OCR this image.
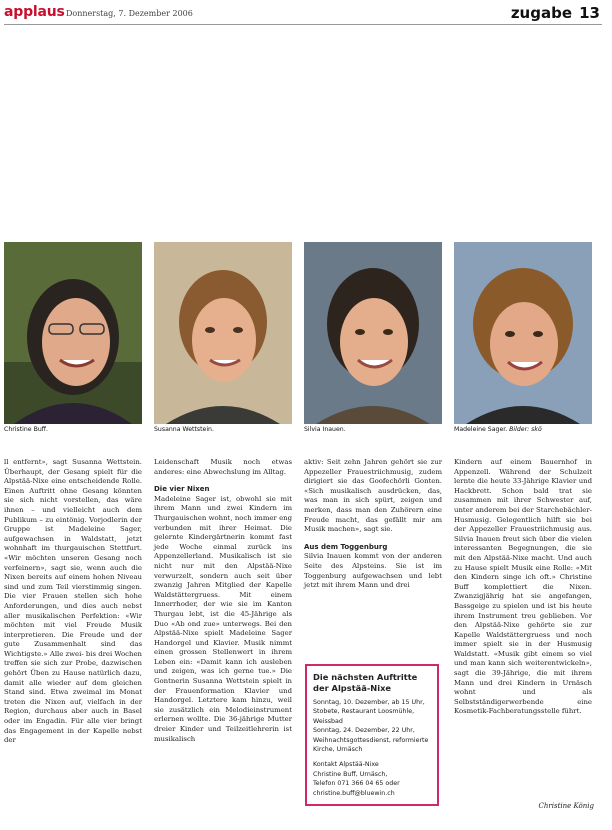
applaus Donnerstag, 7. Dezember 2006	zugabe 13
Christine Buff.	Susanna Wettstein.	Silvia Inauen.	Madeleine Sager. Bilder: skö

ll entfernt», sagt Susanna Wettstein. Überhaupt, der Gesang spielt für die Alpstää-Nixe eine entscheidende Rolle. Einen Auftritt ohne Gesang könnten sie sich nicht vorstellen, das wäre ihnen – und vielleicht auch dem Publikum – zu eintönig. Vorjodlerin der Gruppe ist Madeleine Sager, aufgewachsen in Waldstatt, jetzt wohnhaft im thurgauischen Stettfurt. «Wir möchten unseren Gesang noch verfeinern», sagt sie, wenn auch die Nixen bereits auf einem hohen Niveau sind und zum Teil vierstimmig singen. Die vier Frauen stellen sich hohe Anforderungen, und dies auch nebst aller musikalischen Perfektion: «Wir möchten mit viel Freude Musik interpretieren. Die Freude und der gute Zusammenhalt sind das Wichtigste.» Alle zwei- bis drei Wochen treffen sie sich zur Probe, dazwischen gehört Üben zu Hause natürlich dazu, damit alle wieder auf dem gleichen Stand sind. Etwa zweimal im Monat treten die Nixen auf, vielfach in der Region, durchaus aber auch in Basel oder im Engadin. Für alle vier bringt das Engagement in der Kapelle nebst der

Leidenschaft Musik noch etwas anderes: eine Abwechslung im Alltag.

Die vier Nixen

Madeleine Sager ist, obwohl sie mit ihrem Mann und zwei Kindern im Thurgauischen wohnt, noch immer eng verbunden mit ihrer Heimat. Die gelernte Kindergärtnerin kommt fast jede Woche einmal zurück ins Appenzellerland. Musikalisch ist sie nicht nur mit den Alpstää-Nixe verwurzelt, sondern auch seit über zwanzig Jahren Mitglied der Kapelle Waldstättergruess. Mit einem Innerrhoder, der wie sie im Kanton Thurgau lebt, ist die 45-Jährige als Duo «Ab ond zue» unterwegs. Bei den Alpstää-Nixe spielt Madeleine Sager Handorgel und Klavier. Musik nimmt einen grossen Stellenwert in ihrem Leben ein: «Damit kann ich ausleben und zeigen, was ich gerne tue.» Die Gontnerin Susanna Wettstein spielt in der Frauenformation Klavier und Handorgel. Letztere kam hinzu, weil sie zusätzlich ein Melodieinstrument erlernen wollte. Die 36-jährige Mutter dreier Kinder und Teilzeitlehrerin ist musikalisch

aktiv: Seit zehn Jahren gehört sie zur Appezeller Frauestriichmusig, zudem dirigiert sie das Goofechörli Gonten. «Sich musikalisch ausdrücken, das, was man in sich spürt, zeigen und merken, dass man den Zuhörern eine Freude macht, das gefällt mir am Musik machen», sagt sie.

Aus dem Toggenburg

Silvia Inauen kommt von der anderen Seite des Alpsteins. Sie ist im Toggenburg aufgewachsen und lebt jetzt mit ihrem Mann und drei

Kindern auf einem Bauernhof in Appenzell. Während der Schulzeit lernte die heute 33-Jährige Klavier und Hackbrett. Schon bald trat sie zusammen mit ihrer Schwester auf, unter anderem bei der Starchebächler-Husmusig. Gelegentlich hilft sie bei der Appezeller Frauestriichmusig aus. Silvia Inauen freut sich über die vielen interessanten Begegnungen, die sie mit den Alpstää-Nixe macht. Und auch zu Hause spielt Musik eine Rolle: «Mit den Kindern singe ich oft.» Christine Buff komplettiert die Nixen. Zwanzigjährig hat sie angefangen, Bassgeige zu spielen und ist bis heute ihrem Instrument treu geblieben. Vor den Alpstää-Nixe gehörte sie zur Kapelle Waldstättergruess und noch immer spielt sie in der Husmusig Waldstatt. «Musik gibt einem so viel und man kann sich weiterentwickeln», sagt die 39-Jährige, die mit ihrem Mann und drei Kindern in Urnäsch wohnt und als Selbstständigerwerbende eine Kosmetik-Fachberatungsstelle führt.

Die nächsten Auftritte der Alpstää-Nixe
Sonntag, 10. Dezember, ab 15 Uhr, Stobete, Restaurant Loosmühle, Weissbad
Sonntag, 24. Dezember, 22 Uhr, Weihnachtsgottesdienst, reformierte Kirche, Urnäsch
Kontakt Alpstää-Nixe
Christine Buff, Urnäsch,
Telefon 071 366 04 65 oder
christine.buff@bluewin.ch
Christine König
